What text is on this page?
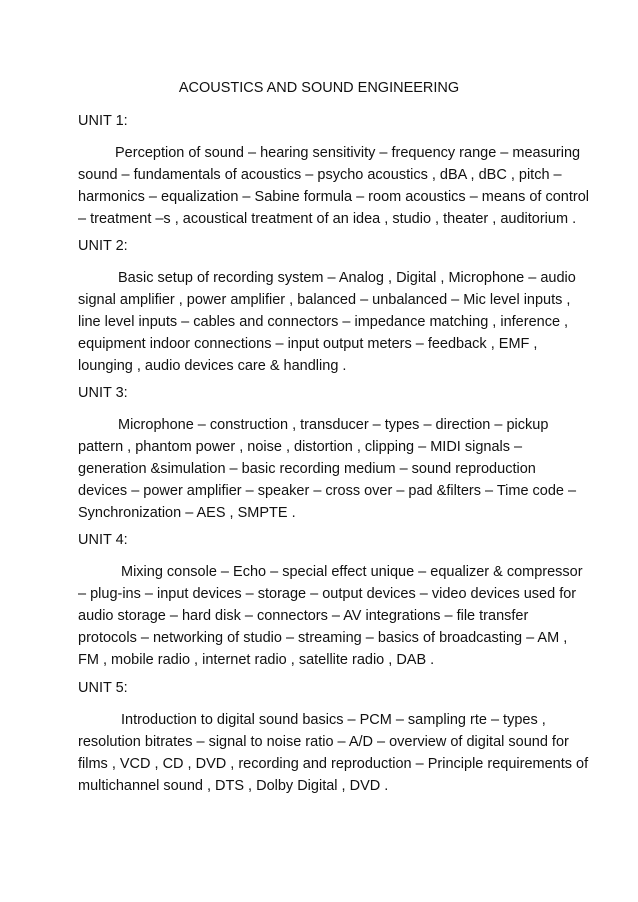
ACOUSTICS AND SOUND ENGINEERING
UNIT 1:
Perception of sound – hearing sensitivity – frequency range – measuring
sound – fundamentals of acoustics – psycho acoustics , dBA , dBC , pitch –
harmonics – equalization – Sabine formula – room acoustics – means of control
– treatment –s , acoustical treatment of an idea , studio , theater , auditorium .
UNIT 2:
Basic setup of recording system – Analog , Digital , Microphone – audio
signal amplifier , power amplifier , balanced – unbalanced – Mic level inputs ,
line level inputs – cables and connectors – impedance matching , inference ,
equipment indoor connections – input output meters – feedback , EMF ,
lounging , audio devices care & handling .
UNIT 3:
Microphone – construction , transducer – types – direction – pickup
pattern , phantom power , noise , distortion , clipping – MIDI signals –
generation &simulation – basic recording medium – sound reproduction
devices – power amplifier – speaker – cross over – pad &filters – Time code –
Synchronization – AES , SMPTE .
UNIT 4:
Mixing console – Echo – special effect unique – equalizer & compressor
– plug-ins – input devices – storage – output devices – video devices used for
audio storage – hard disk – connectors – AV integrations – file transfer
protocols – networking of studio – streaming – basics of broadcasting – AM ,
FM , mobile radio , internet radio , satellite radio , DAB .
UNIT 5:
Introduction to digital sound basics – PCM – sampling rte – types ,
resolution bitrates – signal to noise ratio – A/D – overview of digital sound for
films , VCD , CD , DVD , recording and reproduction – Principle requirements of
multichannel sound , DTS , Dolby Digital , DVD .
